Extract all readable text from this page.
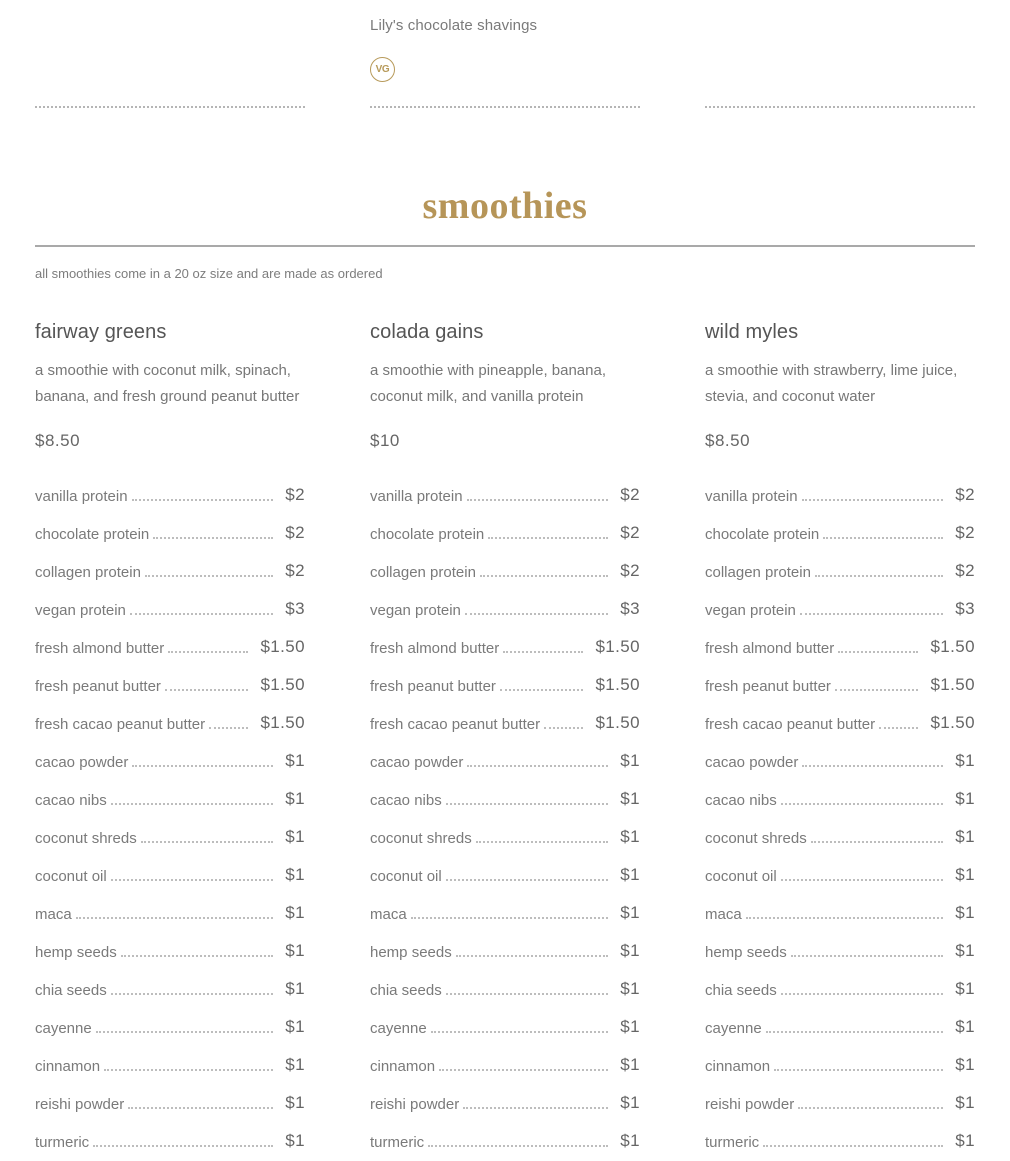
Lily's chocolate shavings
VG
smoothies
all smoothies come in a 20 oz size and are made as ordered
fairway greens
a smoothie with coconut milk, spinach, banana, and fresh ground peanut butter
$8.50
vanilla protein	$2
chocolate protein	$2
collagen protein	$2
vegan protein	$3
fresh almond butter	$1.50
fresh peanut butter	$1.50
fresh cacao peanut butter	$1.50
cacao powder	$1
cacao nibs	$1
coconut shreds	$1
coconut oil	$1
maca	$1
hemp seeds	$1
chia seeds	$1
cayenne	$1
cinnamon	$1
reishi powder	$1
turmeric	$1
colada gains
a smoothie with pineapple, banana, coconut milk, and vanilla protein
$10
vanilla protein	$2
chocolate protein	$2
collagen protein	$2
vegan protein	$3
fresh almond butter	$1.50
fresh peanut butter	$1.50
fresh cacao peanut butter	$1.50
cacao powder	$1
cacao nibs	$1
coconut shreds	$1
coconut oil	$1
maca	$1
hemp seeds	$1
chia seeds	$1
cayenne	$1
cinnamon	$1
reishi powder	$1
turmeric	$1
wild myles
a smoothie with strawberry, lime juice, stevia, and coconut water
$8.50
vanilla protein	$2
chocolate protein	$2
collagen protein	$2
vegan protein	$3
fresh almond butter	$1.50
fresh peanut butter	$1.50
fresh cacao peanut butter	$1.50
cacao powder	$1
cacao nibs	$1
coconut shreds	$1
coconut oil	$1
maca	$1
hemp seeds	$1
chia seeds	$1
cayenne	$1
cinnamon	$1
reishi powder	$1
turmeric	$1
